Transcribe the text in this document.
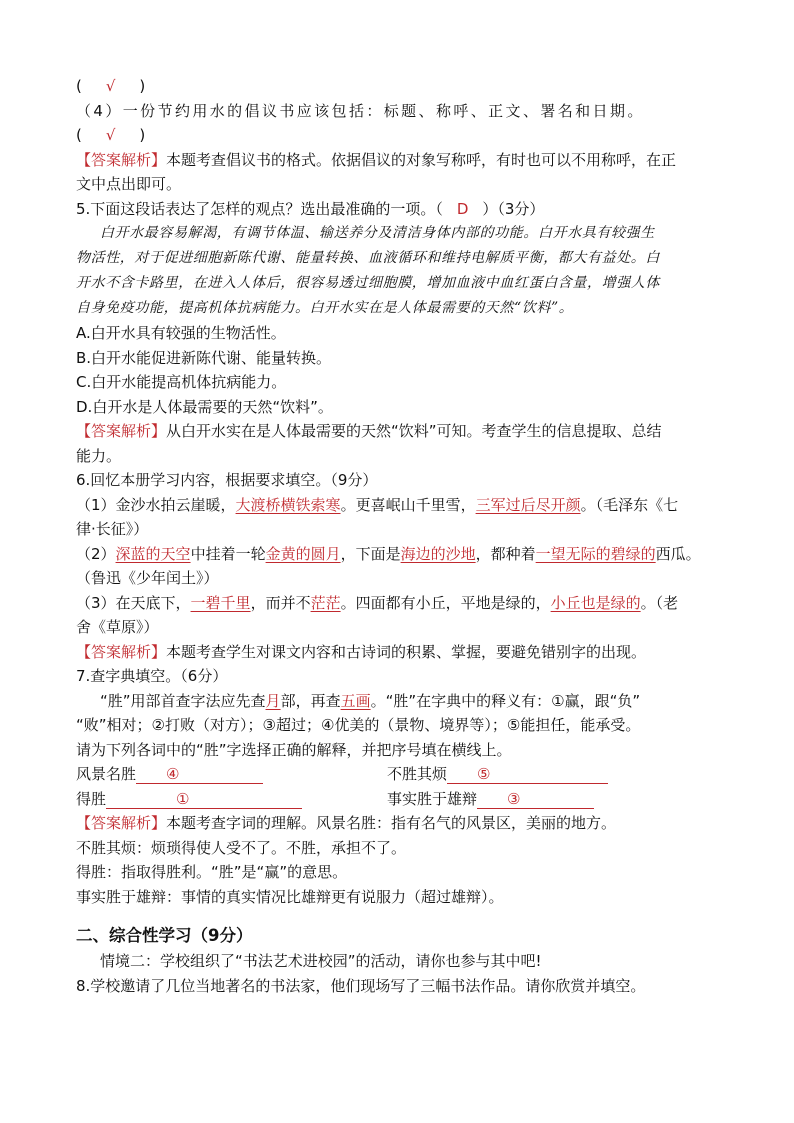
( √ )
（4）一份节约用水的倡议书应该包括：标题、称呼、正文、署名和日期。
( √ )
【答案解析】本题考查倡议书的格式。依据倡议的对象写称呼，有时也可以不用称呼，在正
文中点出即可。
5.下面这段话表达了怎样的观点？选出最准确的一项。（ D ）（3分）
白开水最容易解渴，有调节体温、输送养分及清洁身体内部的功能。白开水具有较强生
物活性，对于促进细胞新陈代谢、能量转换、血液循环和维持电解质平衡，都大有益处。白
开水不含卡路里，在进入人体后，很容易透过细胞膜，增加血液中血红蛋白含量，增强人体
自身免疫功能，提高机体抗病能力。白开水实在是人体最需要的天然“饮料”。
A.白开水具有较强的生物活性。
B.白开水能促进新陈代谢、能量转换。
C.白开水能提高机体抗病能力。
D.白开水是人体最需要的天然“饮料”。
【答案解析】从白开水实在是人体最需要的天然“饮料”可知。考查学生的信息提取、总结
能力。
6.回忆本册学习内容，根据要求填空。（9分）
（1）金沙水拍云崖暖，大渡桥横铁索寒。更喜岷山千里雪，三军过后尽开颜。（毛泽东《七
律·长征》）
（2）深蓝的天空中挂着一轮金黄的圆月，下面是海边的沙地，都种着一望无际的碧绿的西瓜。
（鲁迅《少年闰土》）
（3）在天底下，一碧千里，而并不茫茫。四面都有小丘，平地是绿的，小丘也是绿的。（老
舍《草原》）
【答案解析】本题考查学生对课文内容和古诗词的积累、掌握，要避免错别字的出现。
7.查字典填空。（6分）
“胜”用部首查字法应先查月部，再查五画。“胜”在字典中的释义有：①赢，跟“负”
“败”相对；②打败（对方）；③超过；④优美的（景物、境界等）；⑤能担任，能承受。
请为下列各词中的“胜”字选择正确的解释，并把序号填在横线上。
风景名胜 ④	不胜其烦 ⑤
得胜	①	事实胜于雄辩 ③
【答案解析】本题考查字词的理解。风景名胜：指有名气的风景区，美丽的地方。
不胜其烦：烦琐得使人受不了。不胜，承担不了。
得胜：指取得胜利。“胜”是“赢”的意思。
事实胜于雄辩：事情的真实情况比雄辩更有说服力（超过雄辩）。
二、综合性学习（9分）
情境二：学校组织了“书法艺术进校园”的活动，请你也参与其中吧!
8.学校邀请了几位当地著名的书法家，他们现场写了三幅书法作品。请你欣赏并填空。
